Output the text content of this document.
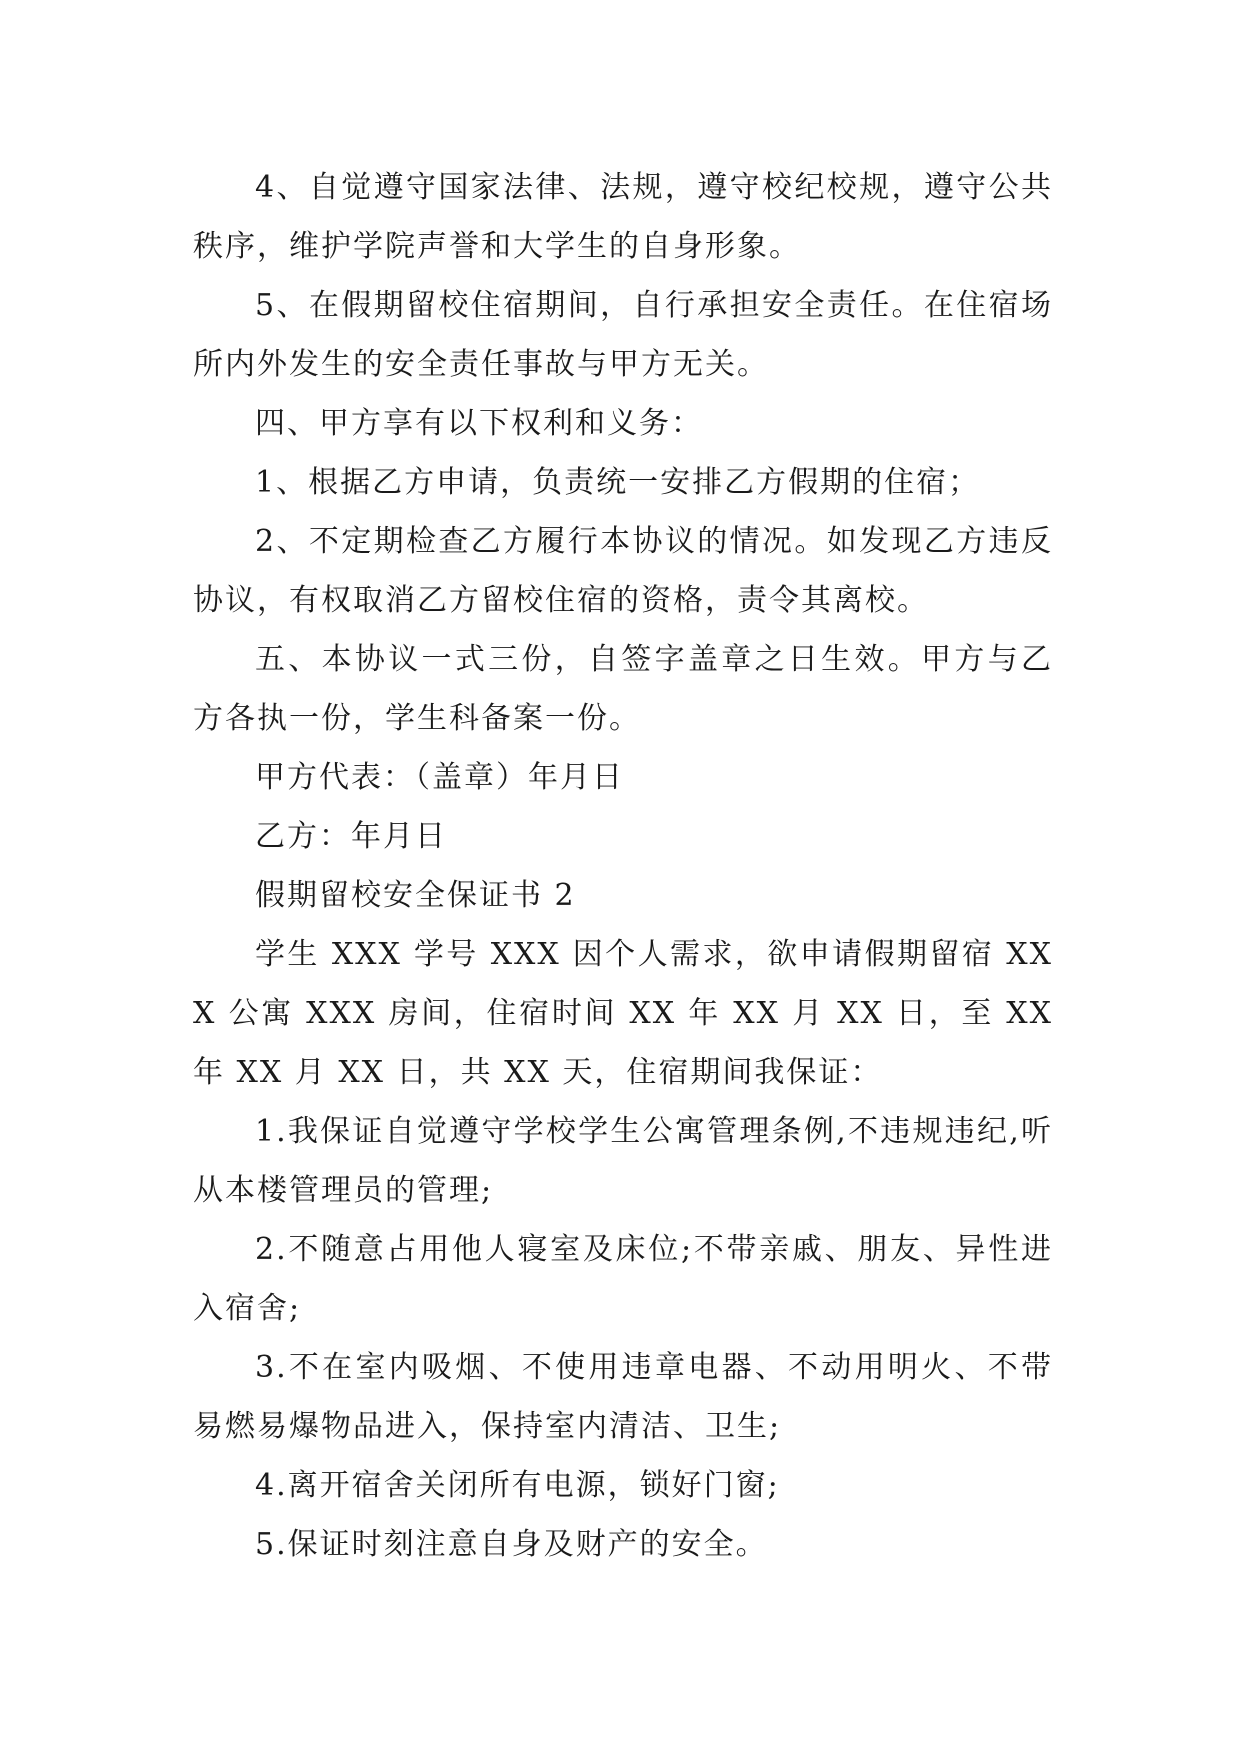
4、自觉遵守国家法律、法规，遵守校纪校规，遵守公共秩序，维护学院声誉和大学生的自身形象。

5、在假期留校住宿期间，自行承担安全责任。在住宿场所内外发生的安全责任事故与甲方无关。

四、甲方享有以下权利和义务：

1、根据乙方申请，负责统一安排乙方假期的住宿；

2、不定期检查乙方履行本协议的情况。如发现乙方违反协议，有权取消乙方留校住宿的资格，责令其离校。

五、本协议一式三份，自签字盖章之日生效。甲方与乙方各执一份，学生科备案一份。

甲方代表：（盖章）年月日

乙方：年月日

假期留校安全保证书 2

学生 XXX 学号 XXX 因个人需求，欲申请假期留宿 XXX 公寓 XXX 房间，住宿时间 XX 年 XX 月 XX 日，至 XX 年 XX 月 XX 日，共 XX 天，住宿期间我保证：

1.我保证自觉遵守学校学生公寓管理条例,不违规违纪,听从本楼管理员的管理;

2.不随意占用他人寝室及床位;不带亲戚、朋友、异性进入宿舍;

3.不在室内吸烟、不使用违章电器、不动用明火、不带易燃易爆物品进入，保持室内清洁、卫生;

4.离开宿舍关闭所有电源，锁好门窗;

5.保证时刻注意自身及财产的安全。
